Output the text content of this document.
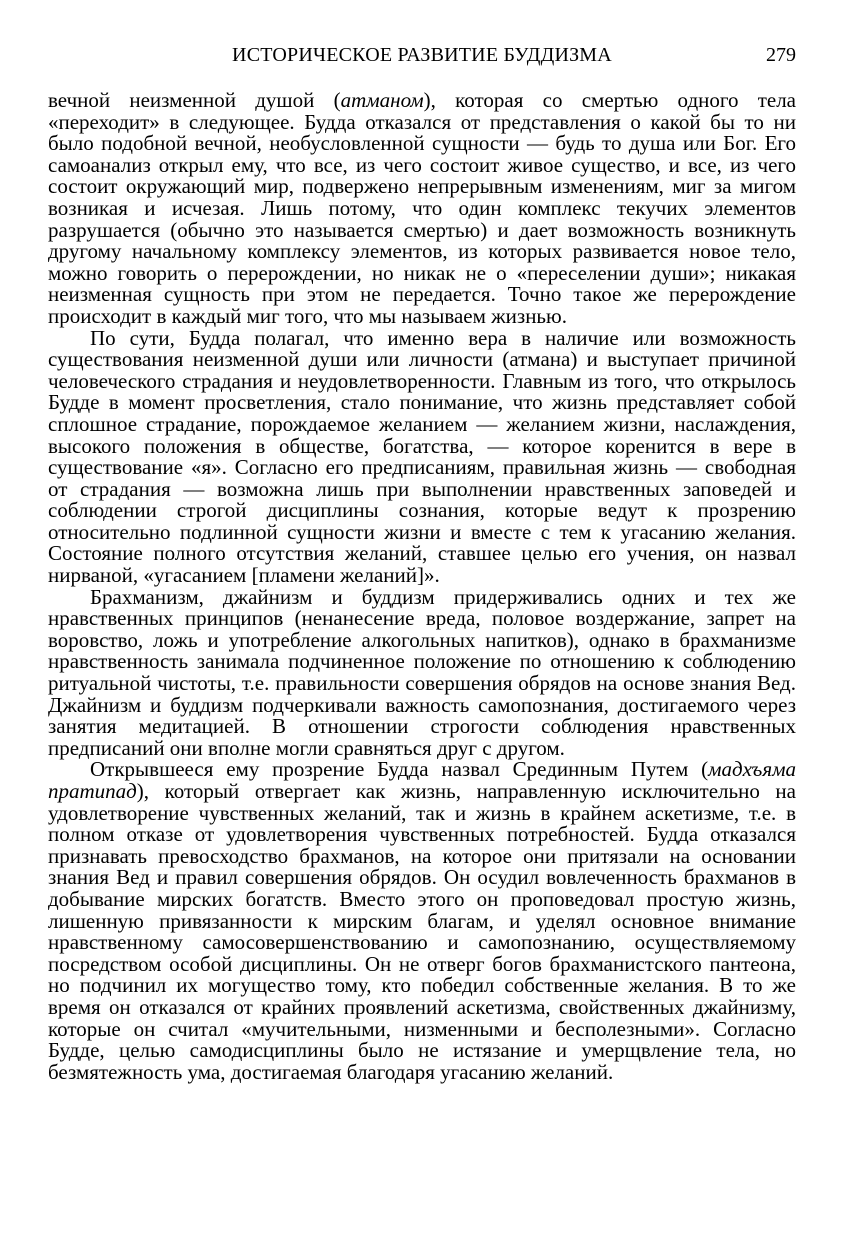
ИСТОРИЧЕСКОЕ РАЗВИТИЕ БУДДИЗМА	279

вечной неизменной душой (атманом), которая со смертью одного тела «переходит» в следующее. Будда отказался от представления о какой бы то ни было подобной вечной, необусловленной сущности — будь то душа или Бог. Его самоанализ открыл ему, что все, из чего состоит живое существо, и все, из чего состоит окружающий мир, подвержено непрерывным изменениям, миг за мигом возникая и исчезая. Лишь потому, что один комплекс текучих элементов разрушается (обычно это называется смертью) и дает возможность возникнуть другому начальному комплексу элементов, из которых развивается новое тело, можно говорить о перерождении, но никак не о «переселении души»; никакая неизменная сущность при этом не передается. Точно такое же перерождение происходит в каждый миг того, что мы называем жизнью.

По сути, Будда полагал, что именно вера в наличие или возможность существования неизменной души или личности (атмана) и выступает причиной человеческого страдания и неудовлетворенности. Главным из того, что открылось Будде в момент просветления, стало понимание, что жизнь представляет собой сплошное страдание, порождаемое желанием — желанием жизни, наслаждения, высокого положения в обществе, богатства, — которое коренится в вере в существование «я». Согласно его предписаниям, правильная жизнь — свободная от страдания — возможна лишь при выполнении нравственных заповедей и соблюдении строгой дисциплины сознания, которые ведут к прозрению относительно подлинной сущности жизни и вместе с тем к угасанию желания. Состояние полного отсутствия желаний, ставшее целью его учения, он назвал нирваной, «угасанием [пламени желаний]».

Брахманизм, джайнизм и буддизм придерживались одних и тех же нравственных принципов (ненанесение вреда, половое воздержание, запрет на воровство, ложь и употребление алкогольных напитков), однако в брахманизме нравственность занимала подчиненное положение по отношению к соблюдению ритуальной чистоты, т.е. правильности совершения обрядов на основе знания Вед. Джайнизм и буддизм подчеркивали важность самопознания, достигаемого через занятия медитацией. В отношении строгости соблюдения нравственных предписаний они вполне могли сравняться друг с другом.

Открывшееся ему прозрение Будда назвал Срединным Путем (мадхъяма пратипад), который отвергает как жизнь, направленную исключительно на удовлетворение чувственных желаний, так и жизнь в крайнем аскетизме, т.е. в полном отказе от удовлетворения чувственных потребностей. Будда отказался признавать превосходство брахманов, на которое они притязали на основании знания Вед и правил совершения обрядов. Он осудил вовлеченность брахманов в добывание мирских богатств. Вместо этого он проповедовал простую жизнь, лишенную привязанности к мирским благам, и уделял основное внимание нравственному самосовершенствованию и самопознанию, осуществляемому посредством особой дисциплины. Он не отверг богов брахманистского пантеона, но подчинил их могущество тому, кто победил собственные желания. В то же время он отказался от крайних проявлений аскетизма, свойственных джайнизму, которые он считал «мучительными, низменными и бесполезными». Согласно Будде, целью самодисциплины было не истязание и умерщвление тела, но безмятежность ума, достигаемая благодаря угасанию желаний.
